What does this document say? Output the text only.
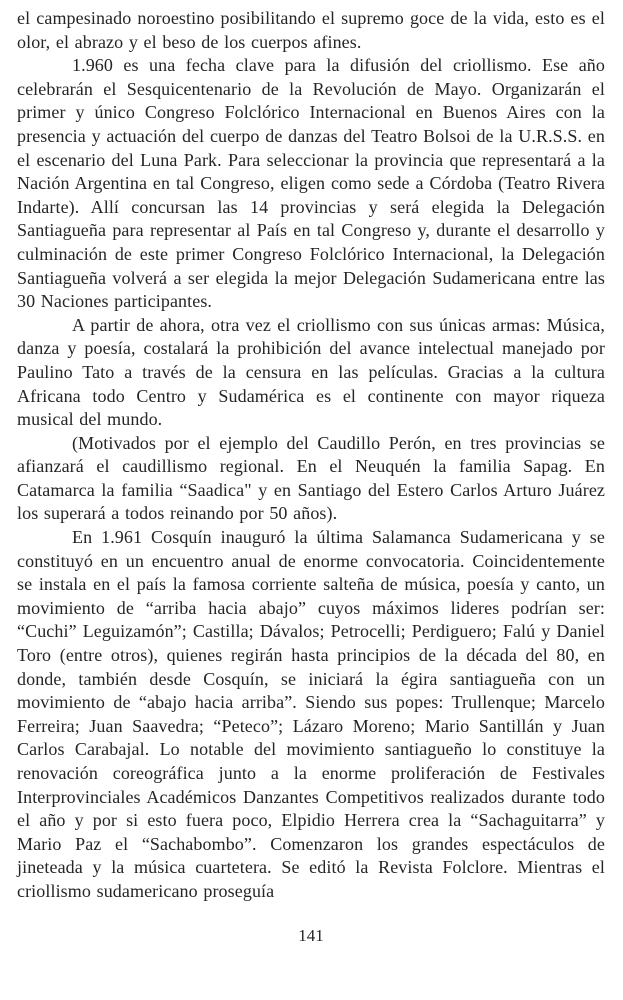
el campesinado noroestino posibilitando el supremo goce de la vida, esto es el olor, el abrazo y el beso de los cuerpos afines.

1.960 es una fecha clave para la difusión del criollismo. Ese año celebrarán el Sesquicentenario de la Revolución de Mayo. Organizarán el primer y único Congreso Folclórico Internacional en Buenos Aires con la presencia y actuación del cuerpo de danzas del Teatro Bolsoi de la U.R.S.S. en el escenario del Luna Park. Para seleccionar la provincia que representará a la Nación Argentina en tal Congreso, eligen como sede a Córdoba (Teatro Rivera Indarte). Allí concursan las 14 provincias y será elegida la Delegación Santiagueña para representar al País en tal Congreso y, durante el desarrollo y culminación de este primer Congreso Folclórico Internacional, la Delegación Santiagueña volverá a ser elegida la mejor Delegación Sudamericana entre las 30 Naciones participantes.

A partir de ahora, otra vez el criollismo con sus únicas armas: Música, danza y poesía, costalará la prohibición del avance intelectual manejado por Paulino Tato a través de la censura en las películas. Gracias a la cultura Africana todo Centro y Sudamérica es el continente con mayor riqueza musical del mundo.

(Motivados por el ejemplo del Caudillo Perón, en tres provincias se afianzará el caudillismo regional. En el Neuquén la familia Sapag. En Catamarca la familia “Saadica" y en Santiago del Estero Carlos Arturo Juárez los superará a todos reinando por 50 años).

En 1.961 Cosquín inauguró la última Salamanca Sudamericana y se constituyó en un encuentro anual de enorme convocatoria. Coincidentemente se instala en el país la famosa corriente salteña de música, poesía y canto, un movimiento de “arriba hacia abajo” cuyos máximos lideres podrían ser: “Cuchi” Leguizamón”; Castilla; Dávalos; Petrocelli; Perdiguero; Falú y Daniel Toro (entre otros), quienes regirán hasta principios de la década del 80, en donde, también desde Cosquín, se iniciará la égira santiagueña con un movimiento de “abajo hacia arriba”. Siendo sus popes: Trullenque; Marcelo Ferreira; Juan Saavedra; “Peteco”; Lázaro Moreno; Mario Santillán y Juan Carlos Carabajal. Lo notable del movimiento santiagueño lo constituye la renovación coreográfica junto a la enorme proliferación de Festivales Interprovinciales Académicos Danzantes Competitivos realizados durante todo el año y por si esto fuera poco, Elpidio Herrera crea la “Sachaguitarra” y Mario Paz el “Sachabombo”. Comenzaron los grandes espectáculos de jineteada y la música cuartetera. Se editó la Revista Folclore. Mientras el criollismo sudamericano proseguía

141
